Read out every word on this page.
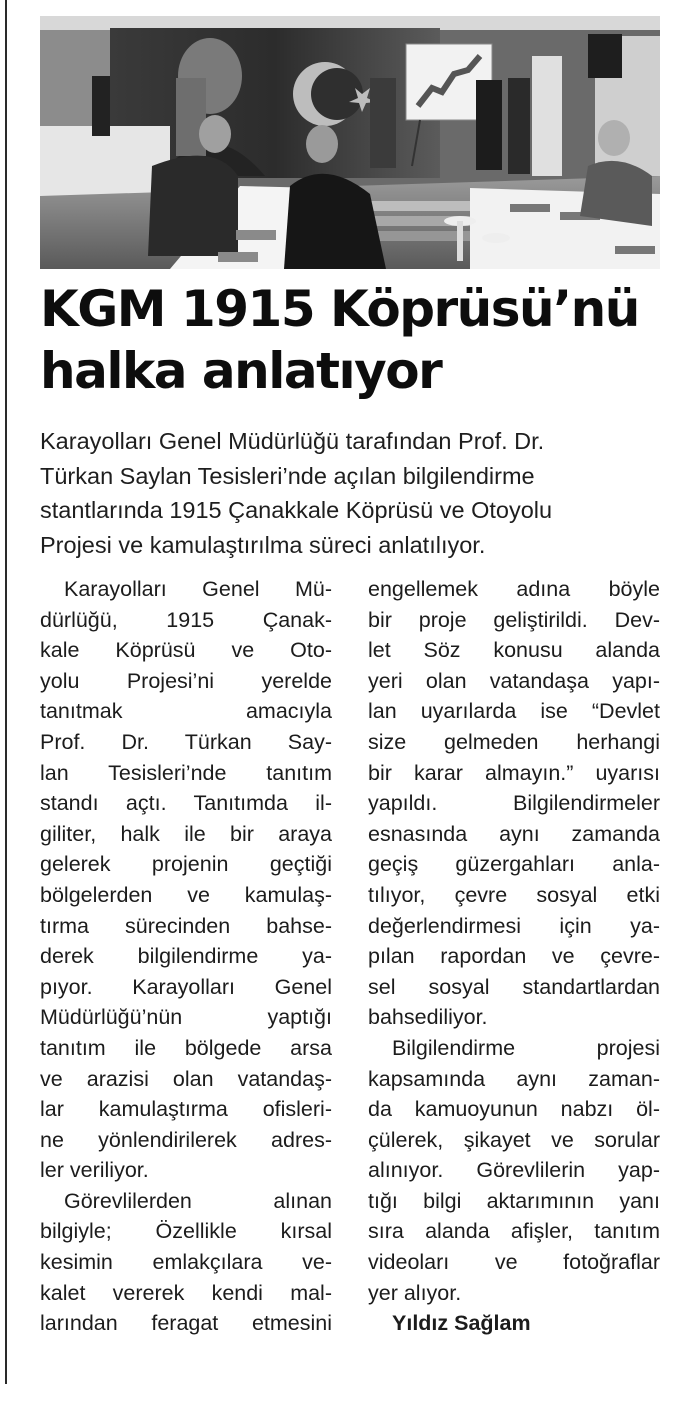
KGM 1915 Köprüsü’nü
halka anlatıyor
Karayolları Genel Müdürlüğü tarafından Prof. Dr.
Türkan Saylan Tesisleri’nde açılan bilgilendirme
stantlarında 1915 Çanakkale Köprüsü ve Otoyolu
Projesi ve kamulaştırılma süreci anlatılıyor.

Karayolları Genel Mü-
dürlüğü, 1915 Çanak-
kale Köprüsü ve Oto-
yolu Projesi’ni yerelde
tanıtmak amacıyla
Prof. Dr. Türkan Say-
lan Tesisleri’nde tanıtım
standı açtı. Tanıtımda il-
giliter, halk ile bir araya
gelerek projenin geçtiği
bölgelerden ve kamulaş-
tırma sürecinden bahse-
derek bilgilendirme ya-
pıyor. Karayolları Genel
Müdürlüğü’nün yaptığı
tanıtım ile bölgede arsa
ve arazisi olan vatandaş-
lar kamulaştırma ofisleri-
ne yönlendirilerek adres-
ler veriliyor.

Görevlilerden alınan
bilgiyle; Özellikle kırsal
kesimin emlakçılara ve-
kalet vererek kendi mal-
larından feragat etmesini

engellemek adına böyle
bir proje geliştirildi. Dev-
let Söz konusu alanda
yeri olan vatandaşa yapı-
lan uyarılarda ise “Devlet
size gelmeden herhangi
bir karar almayın.” uyarısı
yapıldı. Bilgilendirmeler
esnasında aynı zamanda
geçiş güzergahları anla-
tılıyor, çevre sosyal etki
değerlendirmesi için ya-
pılan rapordan ve çevre-
sel sosyal standartlardan
bahsediliyor.

Bilgilendirme projesi
kapsamında aynı zaman-
da kamuoyunun nabzı öl-
çülerek, şikayet ve sorular
alınıyor. Görevlilerin yap-
tığı bilgi aktarımının yanı
sıra alanda afişler, tanıtım
videoları ve fotoğraflar
yer alıyor.

Yıldız Sağlam
